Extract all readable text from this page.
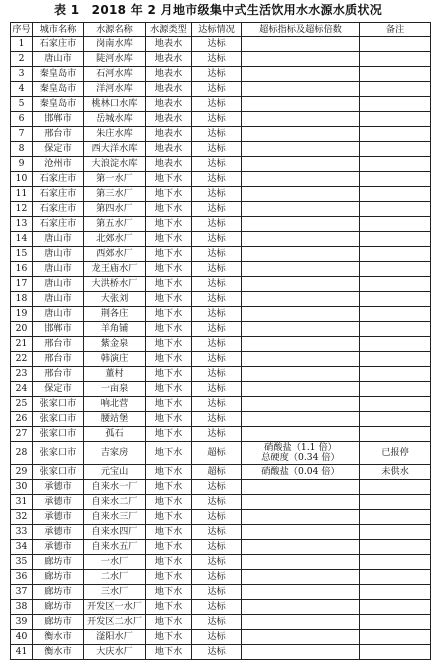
表 1　2018 年 2 月地市级集中式生活饮用水水源水质状况
序号	城市名称	水源名称	水源类型	达标情况	超标指标及超标倍数	备注
1	石家庄市	岗南水库	地表水	达标	

2	唐山市	陡河水库	地表水	达标	

3	秦皇岛市	石河水库	地表水	达标	

4	秦皇岛市	洋河水库	地表水	达标	

5	秦皇岛市	桃林口水库	地表水	达标	

6	邯郸市	岳城水库	地表水	达标	

7	邢台市	朱庄水库	地表水	达标	

8	保定市	西大洋水库	地表水	达标	

9	沧州市	大浪淀水库	地表水	达标	

10	石家庄市	第一水厂	地下水	达标	

11	石家庄市	第三水厂	地下水	达标	

12	石家庄市	第四水厂	地下水	达标	

13	石家庄市	第五水厂	地下水	达标	

14	唐山市	北郊水厂	地下水	达标	

15	唐山市	西郊水厂	地下水	达标	

16	唐山市	龙王庙水厂	地下水	达标	

17	唐山市	大洪桥水厂	地下水	达标	

18	唐山市	大张刘	地下水	达标	

19	唐山市	荆各庄	地下水	达标	

20	邯郸市	羊角铺	地下水	达标	

21	邢台市	紫金泉	地下水	达标	

22	邢台市	韩演庄	地下水	达标	

23	邢台市	董村	地下水	达标	

24	保定市	一亩泉	地下水	达标	

25	张家口市	响北营	地下水	达标	

26	张家口市	腰站堡	地下水	达标	

27	张家口市	孤石	地下水	达标	

28	张家口市	吉家房	地下水	超标	硝酸盐（1.1 倍）
总硬度（0.34 倍）	已报停
29	张家口市	元宝山	地下水	超标	硝酸盐（0.04 倍）	未供水
30	承德市	自来水一厂	地下水	达标	

31	承德市	自来水二厂	地下水	达标	

32	承德市	自来水三厂	地下水	达标	

33	承德市	自来水四厂	地下水	达标	

34	承德市	自来水五厂	地下水	达标	

35	廊坊市	一水厂	地下水	达标	

36	廊坊市	二水厂	地下水	达标	

37	廊坊市	三水厂	地下水	达标	

38	廊坊市	开发区一水厂	地下水	达标	

39	廊坊市	开发区二水厂	地下水	达标	

40	衡水市	滏阳水厂	地下水	达标	

41	衡水市	大庆水厂	地下水	达标	
